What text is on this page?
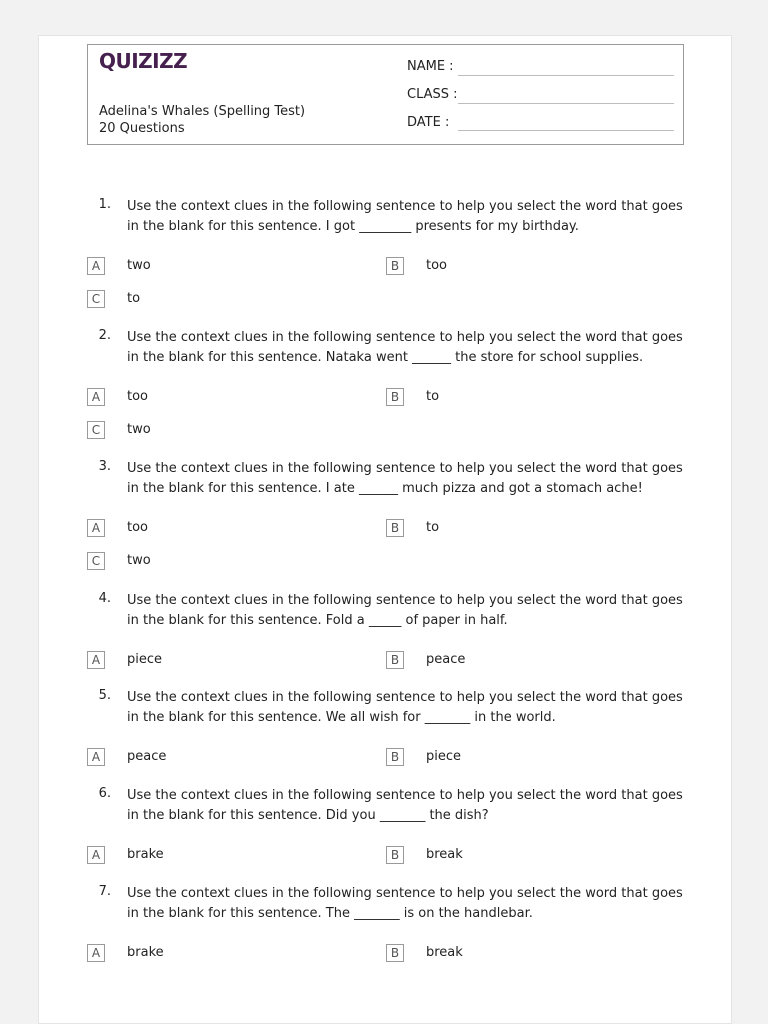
QUIZIZZ
Adelina's Whales (Spelling Test)
20 Questions
NAME :
CLASS :
DATE :
1. Use the context clues in the following sentence to help you select the word that goes in the blank for this sentence. I got ________ presents for my birthday.
A	two	B	too
C	to
2. Use the context clues in the following sentence to help you select the word that goes in the blank for this sentence. Nataka went ______ the store for school supplies.
A	too	B	to
C	two
3. Use the context clues in the following sentence to help you select the word that goes in the blank for this sentence. I ate ______ much pizza and got a stomach ache!
A	too	B	to
C	two
4. Use the context clues in the following sentence to help you select the word that goes in the blank for this sentence. Fold a _____ of paper in half.
A	piece	B	peace
5. Use the context clues in the following sentence to help you select the word that goes in the blank for this sentence. We all wish for _______ in the world.
A	peace	B	piece
6. Use the context clues in the following sentence to help you select the word that goes in the blank for this sentence. Did you _______ the dish?
A	brake	B	break
7. Use the context clues in the following sentence to help you select the word that goes in the blank for this sentence. The _______ is on the handlebar.
A	brake	B	break
